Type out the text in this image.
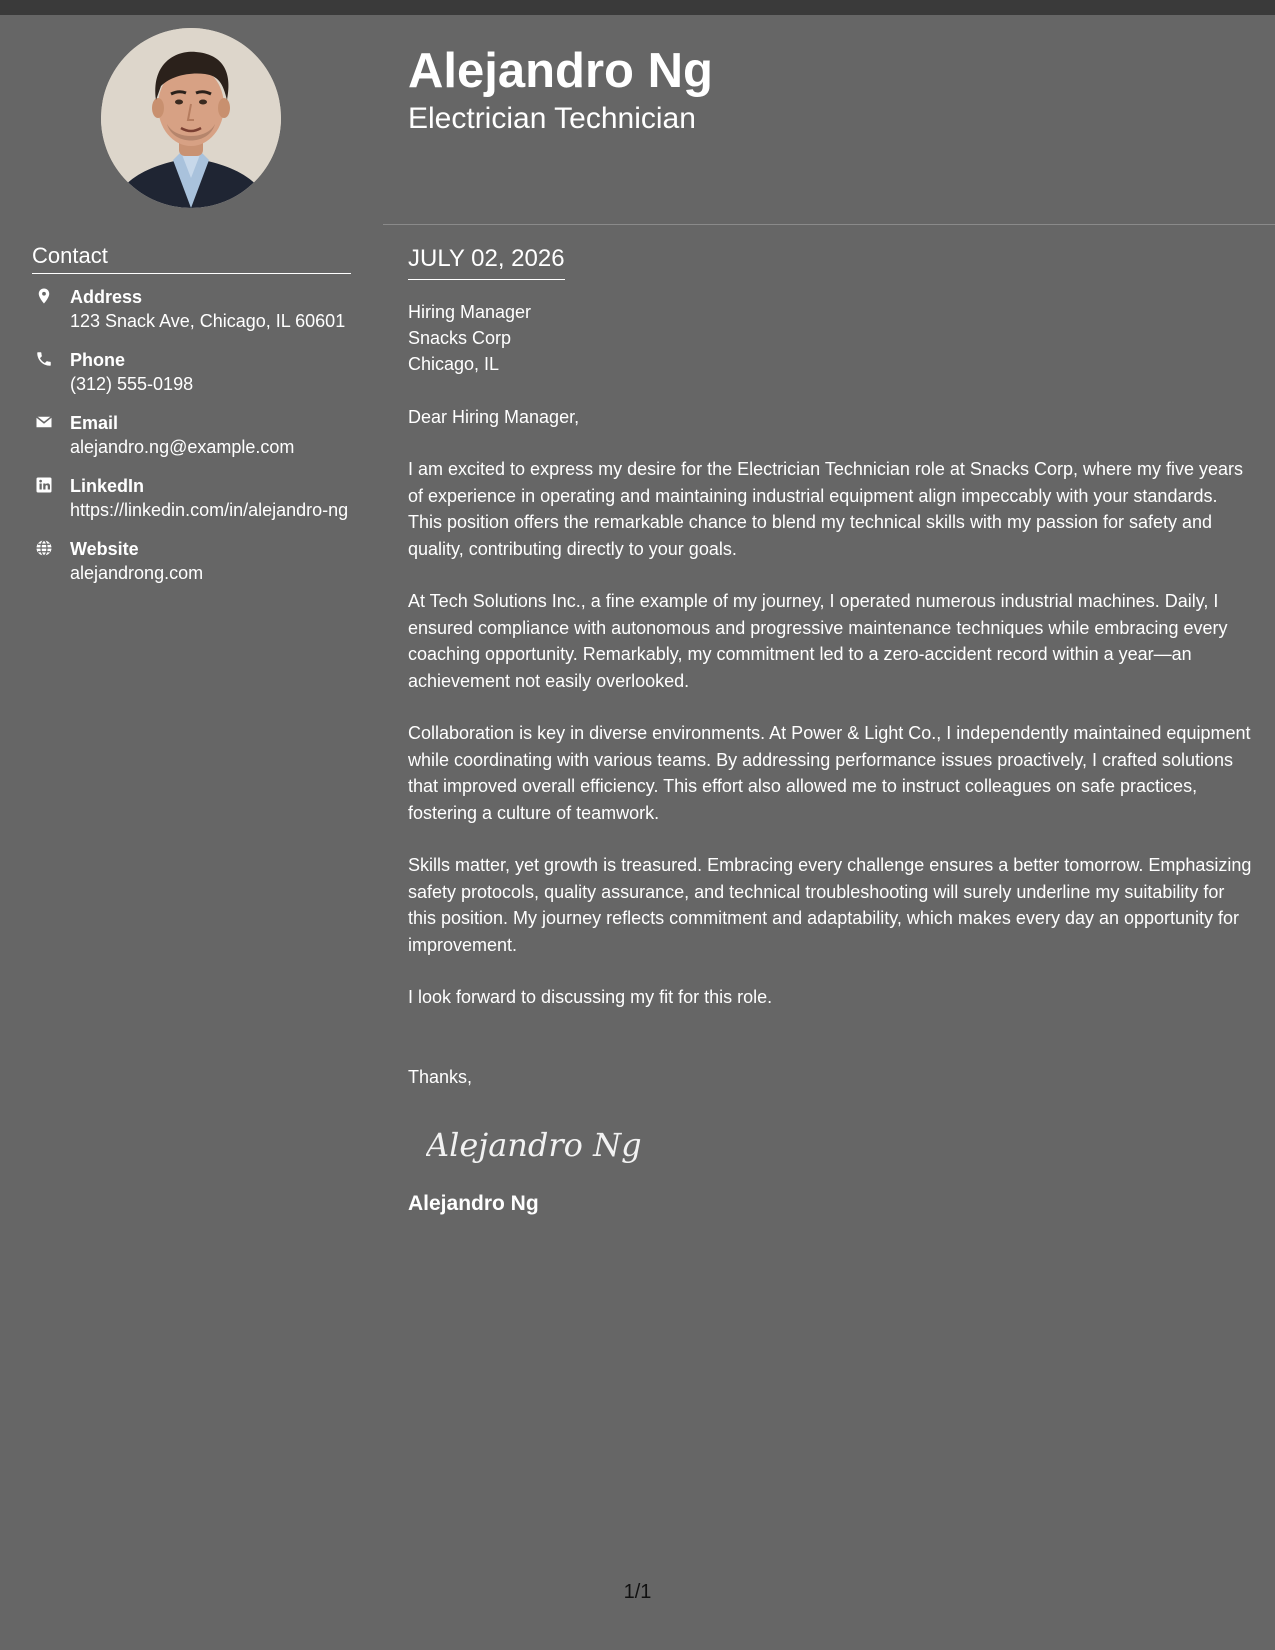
Contact
Address
123 Snack Ave, Chicago, IL 60601
Phone
(312) 555-0198
Email
alejandro.ng@example.com
LinkedIn
https://linkedin.com/in/alejandro-ng
Website
alejandrong.com
Alejandro Ng
Electrician Technician
JULY 02, 2026
Hiring Manager
Snacks Corp
Chicago, IL
Dear Hiring Manager,
I am excited to express my desire for the Electrician Technician role at Snacks Corp, where my five years of experience in operating and maintaining industrial equipment align impeccably with your standards. This position offers the remarkable chance to blend my technical skills with my passion for safety and quality, contributing directly to your goals.
At Tech Solutions Inc., a fine example of my journey, I operated numerous industrial machines. Daily, I ensured compliance with autonomous and progressive maintenance techniques while embracing every coaching opportunity. Remarkably, my commitment led to a zero-accident record within a year—an achievement not easily overlooked.
Collaboration is key in diverse environments. At Power & Light Co., I independently maintained equipment while coordinating with various teams. By addressing performance issues proactively, I crafted solutions that improved overall efficiency. This effort also allowed me to instruct colleagues on safe practices, fostering a culture of teamwork.
Skills matter, yet growth is treasured. Embracing every challenge ensures a better tomorrow. Emphasizing safety protocols, quality assurance, and technical troubleshooting will surely underline my suitability for this position. My journey reflects commitment and adaptability, which makes every day an opportunity for improvement.
I look forward to discussing my fit for this role.
Thanks,
Alejandro Ng
Alejandro Ng
1/1
